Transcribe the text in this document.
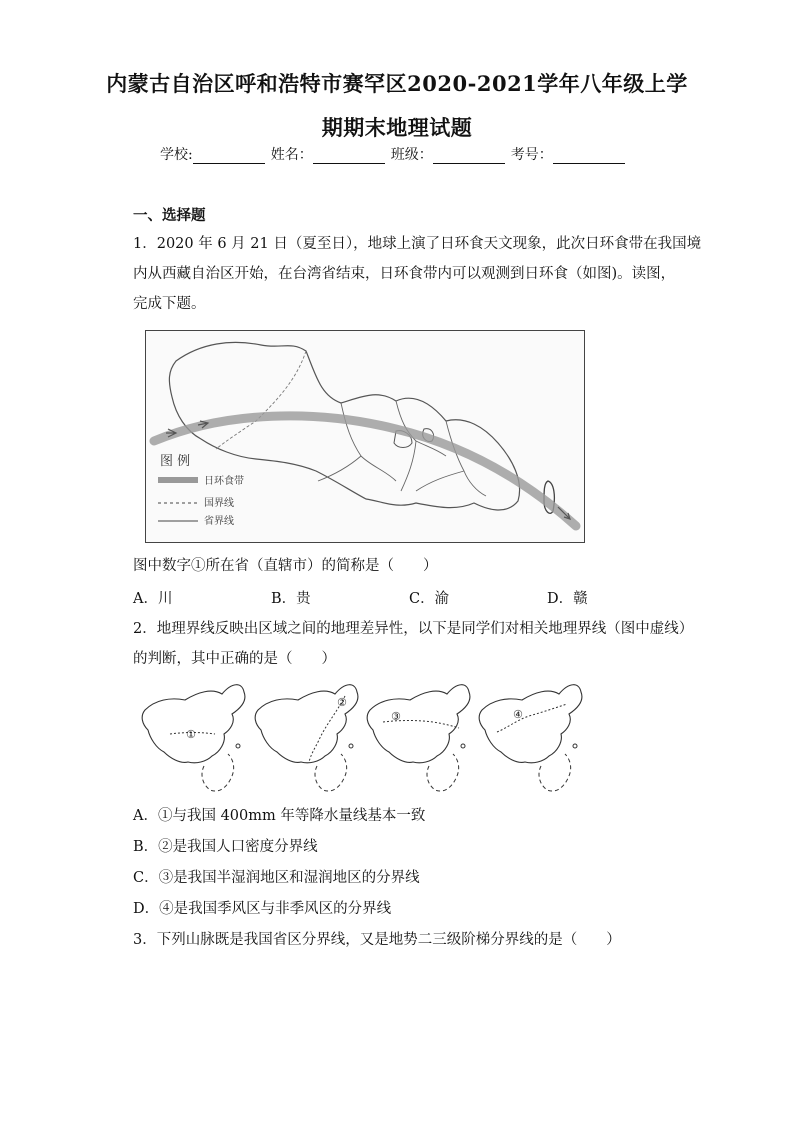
内蒙古自治区呼和浩特市赛罕区2020-2021学年八年级上学
期期末地理试题
学校:	姓名：	班级：	考号：
一、选择题
1．2020 年 6 月 21 日（夏至日），地球上演了日环食天文现象，此次日环食带在我国境
内从西藏自治区开始，在台湾省结束，日环食带内可以观测到日环食（如图)。读图，
完成下题。
图 例
日环食带
国界线
省界线
图中数字①所在省（直辖市）的简称是（　　）
A．川	B．贵	C．渝	D．赣
2．地理界线反映出区域之间的地理差异性，以下是同学们对相关地理界线（图中虚线）
的判断，其中正确的是（　　）
①
②
③	④
A．①与我国 400mm 年等降水量线基本一致
B．②是我国人口密度分界线
C．③是我国半湿润地区和湿润地区的分界线
D．④是我国季风区与非季风区的分界线
3．下列山脉既是我国省区分界线，又是地势二三级阶梯分界线的是（　　）
